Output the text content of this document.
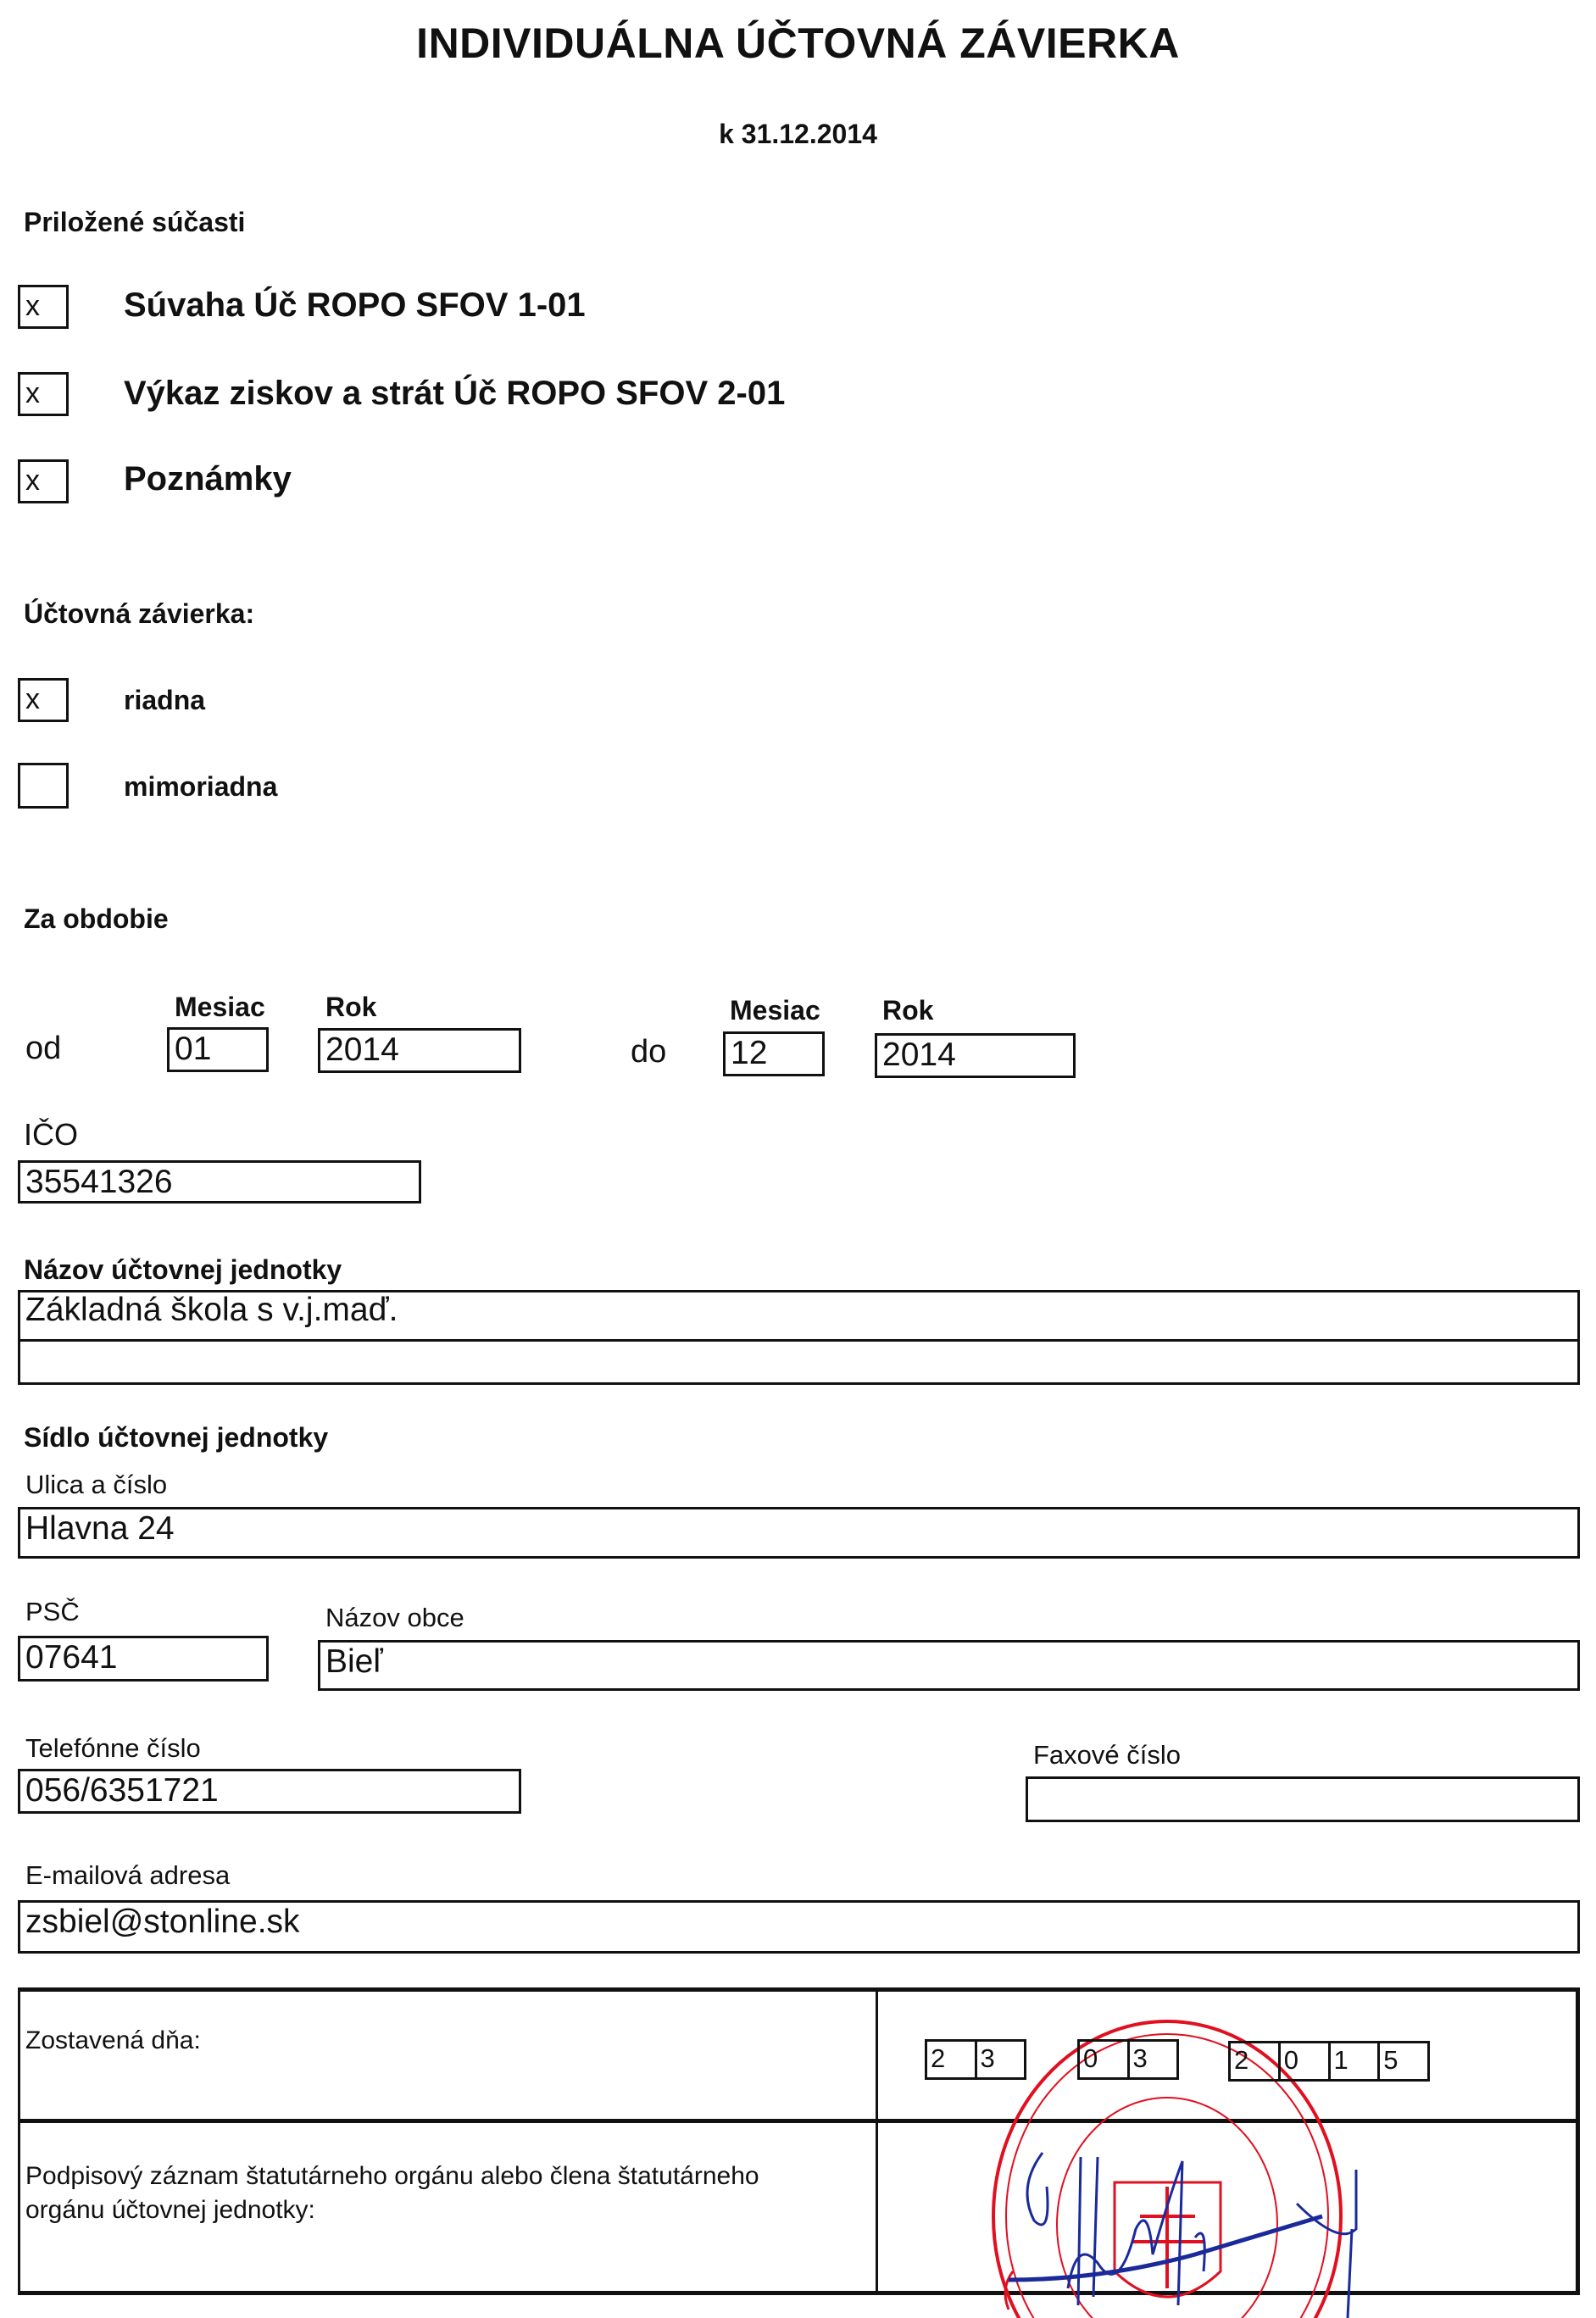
INDIVIDUÁLNA ÚČTOVNÁ ZÁVIERKA
k 31.12.2014
Priložené súčasti
x	Súvaha Úč ROPO SFOV 1-01
x	Výkaz ziskov a strát Úč ROPO SFOV 2-01
x	Poznámky
Účtovná závierka:
x	riadna
mimoriadna
Za obdobie
Mesiac Rok
od	01	2014
Mesiac Rok
do 12	2014
IČO
35541326
Názov účtovnej jednotky
Základná škola s v.j.maď.
Sídlo účtovnej jednotky
Ulica a číslo
Hlavna 24
PSČ
07641
Názov obce
Bieľ
Telefónne číslo
056/6351721
Faxové číslo
E-mailová adresa
zsbiel@stonline.sk
Zostavená dňa:
2	3	0	3	2	0	1	5
Podpisový záznam štatutárneho orgánu alebo člena štatutárneho
orgánu účtovnej jednotky:
